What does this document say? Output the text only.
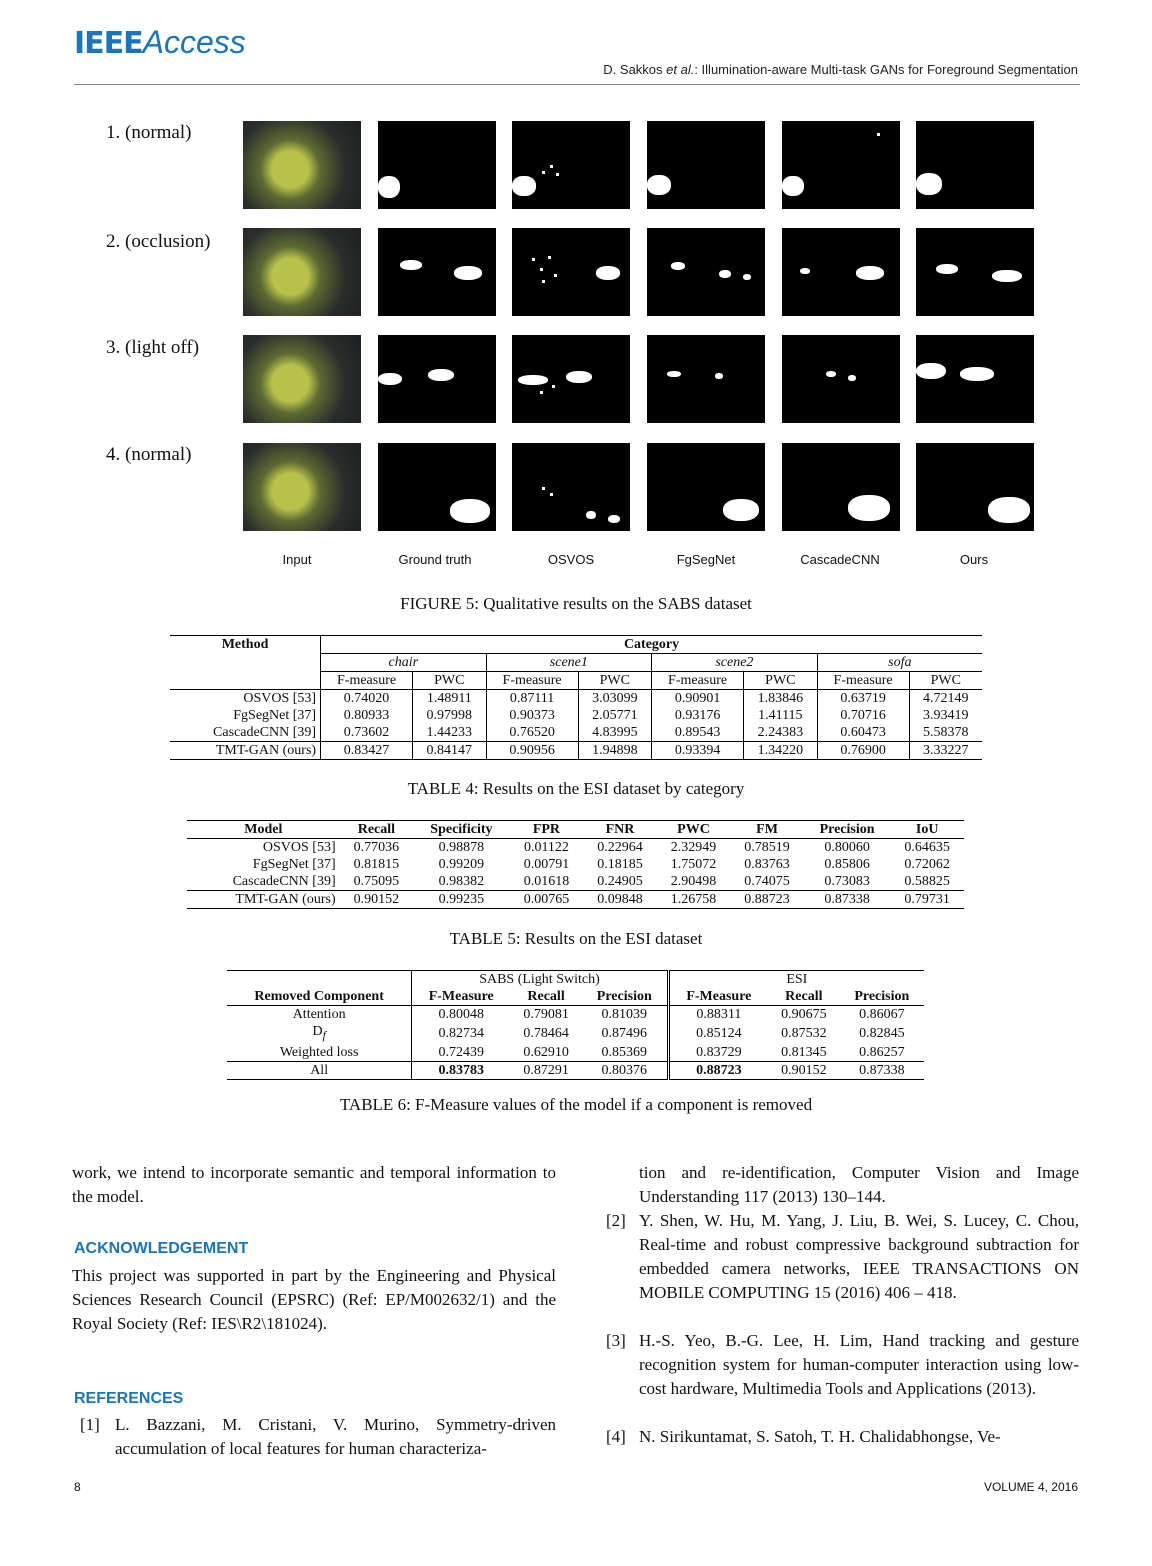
IEEEAccess
D. Sakkos et al.: Illumination-aware Multi-task GANs for Foreground Segmentation
1. (normal)
2. (occlusion)
3. (light off)
4. (normal)
Input	Ground truth	OSVOS	FgSegNet	CascadeCNN	Ours
FIGURE 5: Qualitative results on the SABS dataset
Method	Category							
	chair		scene1		scene2		sofa	
	F-measure	PWC	F-measure	PWC	F-measure	PWC	F-measure	PWC
OSVOS [53]	0.74020	1.48911	0.87111	3.03099	0.90901	1.83846	0.63719	4.72149
FgSegNet [37]	0.80933	0.97998	0.90373	2.05771	0.93176	1.41115	0.70716	3.93419
CascadeCNN [39]	0.73602	1.44233	0.76520	4.83995	0.89543	2.24383	0.60473	5.58378
TMT-GAN (ours)	0.83427	0.84147	0.90956	1.94898	0.93394	1.34220	0.76900	3.33227
TABLE 4: Results on the ESI dataset by category
Model	Recall	Specificity	FPR	FNR	PWC	FM	Precision	IoU
OSVOS [53]	0.77036	0.98878	0.01122	0.22964	2.32949	0.78519	0.80060	0.64635
FgSegNet [37]	0.81815	0.99209	0.00791	0.18185	1.75072	0.83763	0.85806	0.72062
CascadeCNN [39]	0.75095	0.98382	0.01618	0.24905	2.90498	0.74075	0.73083	0.58825
TMT-GAN (ours)	0.90152	0.99235	0.00765	0.09848	1.26758	0.88723	0.87338	0.79731
TABLE 5: Results on the ESI dataset
	SABS (Light Switch)			ESI		
Removed Component	F-Measure	Recall	Precision	F-Measure	Recall	Precision
Attention	0.80048	0.79081	0.81039	0.88311	0.90675	0.86067
$D_f$	0.82734	0.78464	0.87496	0.85124	0.87532	0.82845
Weighted loss	0.72439	0.62910	0.85369	0.83729	0.81345	0.86257
All	0.83783	0.87291	0.80376	0.88723	0.90152	0.87338
TABLE 6: F-Measure values of the model if a component is removed
work, we intend to incorporate semantic and temporal information to the model.
ACKNOWLEDGEMENT
This project was supported in part by the Engineering and Physical Sciences Research Council (EPSRC) (Ref: EP/M002632/1) and the Royal Society (Ref: IES\R2\181024).
REFERENCES
[1] L. Bazzani, M. Cristani, V. Murino, Symmetry-driven accumulation of local features for human characteriza-
tion and re-identification, Computer Vision and Image Understanding 117 (2013) 130–144.
[2] Y. Shen, W. Hu, M. Yang, J. Liu, B. Wei, S. Lucey, C. Chou, Real-time and robust compressive background subtraction for embedded camera networks, IEEE TRANSACTIONS ON MOBILE COMPUTING 15 (2016) 406 – 418.
[3] H.-S. Yeo, B.-G. Lee, H. Lim, Hand tracking and gesture recognition system for human-computer interaction using low-cost hardware, Multimedia Tools and Applications (2013).
[4] N. Sirikuntamat, S. Satoh, T. H. Chalidabhongse, Ve-
8	VOLUME 4, 2016
